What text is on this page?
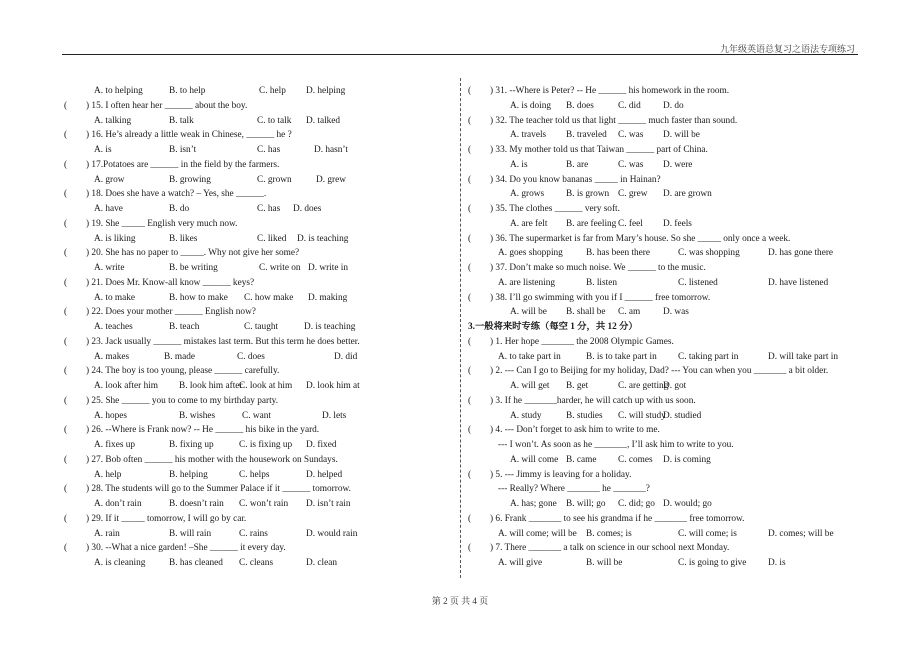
九年级英语总复习之语法专项练习
A. to helping	B. to help	C. help D. helping
( ) 15. I often hear her ______ about the boy.
A. talking	B. talk	C. to talk D. talked
( ) 16. He’s already a little weak in Chinese, ______ he ?
A. is	B. isn’t	C. has	D. hasn’t
( ) 17.Potatoes are ______ in the field by the farmers.
A. grow	B. growing	C. grown	D. grew
( ) 18. Does she have a watch? – Yes, she ______.
A. have	B. do	C. has D. does
( ) 19. She _____ English very much now.
A. is liking	B. likes	C. liked D. is teaching
( ) 20. She has no paper to _____. Why not give her some?
A. write	B. be writing	C. write on D. write in
( ) 21. Does Mr. Know-all know ______ keys?
A. to make	B. how to make C. how make D. making
( ) 22. Does your mother ______ English now?
A. teaches	B. teach	C. taught	D. is teaching
( ) 23. Jack usually ______ mistakes last term. But this term he does better.
A. makes	B. made	C. does	D. did
( ) 24. The boy is too young, please ______ carefully.
A. look after him B. look him after
C. look at him D. look him at
( ) 25. She ______ you to come to my birthday party.
A. hopes	B. wishes	C. want	D. lets
( ) 26. --Where is Frank now? -- He ______ his bike in the yard.
A. fixes up	B. fixing up	C. is fixing up D. fixed
( ) 27. Bob often ______ his mother with the housework on Sundays.
A. help	B. helping	C. helps	D. helped
( ) 28. The students will go to the Summer Palace if it ______ tomorrow.
A. don’t rain	B. doesn’t rain C. won’t rain D. isn’t rain
( ) 29. If it _____ tomorrow, I will go by car.
A. rain	B. will rain	C. rains	D. would rain
( ) 30. --What a nice garden! –She ______ it every day.
A. is cleaning	B. has cleaned C. cleans	D. clean
( ) 31. --Where is Peter? -- He ______ his homework in the room.
A. is doing B. does	C. did D. do
( ) 32. The teacher told us that light ______ much faster than sound.
A. travels B. traveled C. was D. will be
( ) 33. My mother told us that Taiwan ______ part of China.
A. is	B. are	C. was D. were
( ) 34. Do you know bananas _____ in Hainan?
A. grows B. is grown C. grew D. are grown
( ) 35. The clothes ______ very soft.
A. are felt B. are feeling C. feel D. feels
( ) 36. The supermarket is far from Mary’s house. So she _____ only once a week.
A. goes shopping B. has been there	C. was shopping	D. has gone there
( ) 37. Don’t make so much noise. We ______ to the music.
A. are listening	B. listen	C. listened	D. have listened
( ) 38. I’ll go swimming with you if I ______ free tomorrow.
A. will be B. shall be C. am D. was
3.一般将来时专练（每空 1 分，共 12 分）
( ) 1. Her hope _______ the 2008 Olympic Games.
A. to take part in	B. is to take part in C. taking part in	D. will take part in
( ) 2. --- Can I go to Beijing for my holiday, Dad? --- You can when you _______ a bit older.
A. will get B. get	C. are getting
D. got
( ) 3. If he _______harder, he will catch up with us soon.
A. study	B. studies C. will study
D. studied
( ) 4. --- Don’t forget to ask him to write to me.
--- I won’t. As soon as he _______, I’ll ask him to write to you.
A. will come B. came C. comes D. is coming
( ) 5. --- Jimmy is leaving for a holiday.
--- Really? Where _______ he _______?
A. has; gone B. will; go C. did; go D. would; go
( ) 6. Frank _______ to see his grandma if he _______ free tomorrow.
A. will come; will be B. comes; is	C. will come; is	D. comes; will be
( ) 7. There _______ a talk on science in our school next Monday.
A. will give	B. will be	C. is going to give D. is
第 2 页 共 4 页
